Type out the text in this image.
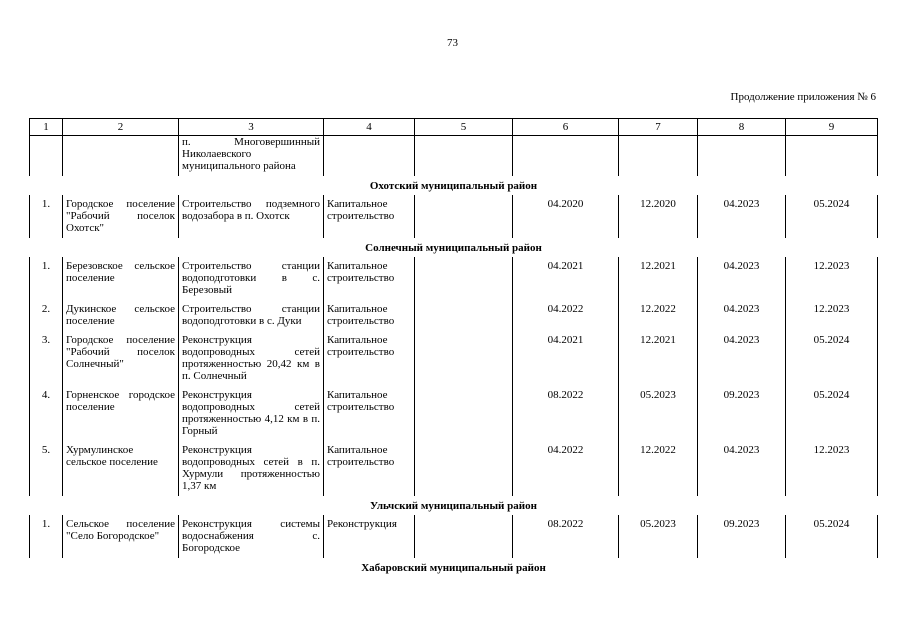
73
Продолжение приложения № 6
1	2	3	4	5	6	7	8	9
		п. Многовершинный Николаевского муниципального района						
Охотский муниципальный район								
1.	Городское поселение "Рабочий поселок Охотск"	Строительство подземного водозабора в п. Охотск	Капитальное строительство		04.2020	12.2020	04.2023	05.2024
Солнечный муниципальный район								
1.	Березовское сельское поселение	Строительство станции водоподготовки в с. Березовый	Капитальное строительство		04.2021	12.2021	04.2023	12.2023
2.	Дукинское сельское поселение	Строительство станции водоподготовки в с. Дуки	Капитальное строительство		04.2022	12.2022	04.2023	12.2023
3.	Городское поселение "Рабочий поселок Солнечный"	Реконструкция водопроводных сетей протяженностью 20,42 км в п. Солнечный	Капитальное строительство		04.2021	12.2021	04.2023	05.2024
4.	Горненское городское поселение	Реконструкция водопроводных сетей протяженностью 4,12 км в п. Горный	Капитальное строительство		08.2022	05.2023	09.2023	05.2024
5.	Хурмулинское сельское поселение	Реконструкция водопроводных сетей в п. Хурмули протяженностью 1,37 км	Капитальное строительство		04.2022	12.2022	04.2023	12.2023
Ульчский муниципальный район								
1.	Сельское поселение "Село Богородское"	Реконструкция системы водоснабжения с. Богородское	Реконструкция		08.2022	05.2023	09.2023	05.2024
Хабаровский муниципальный район								
